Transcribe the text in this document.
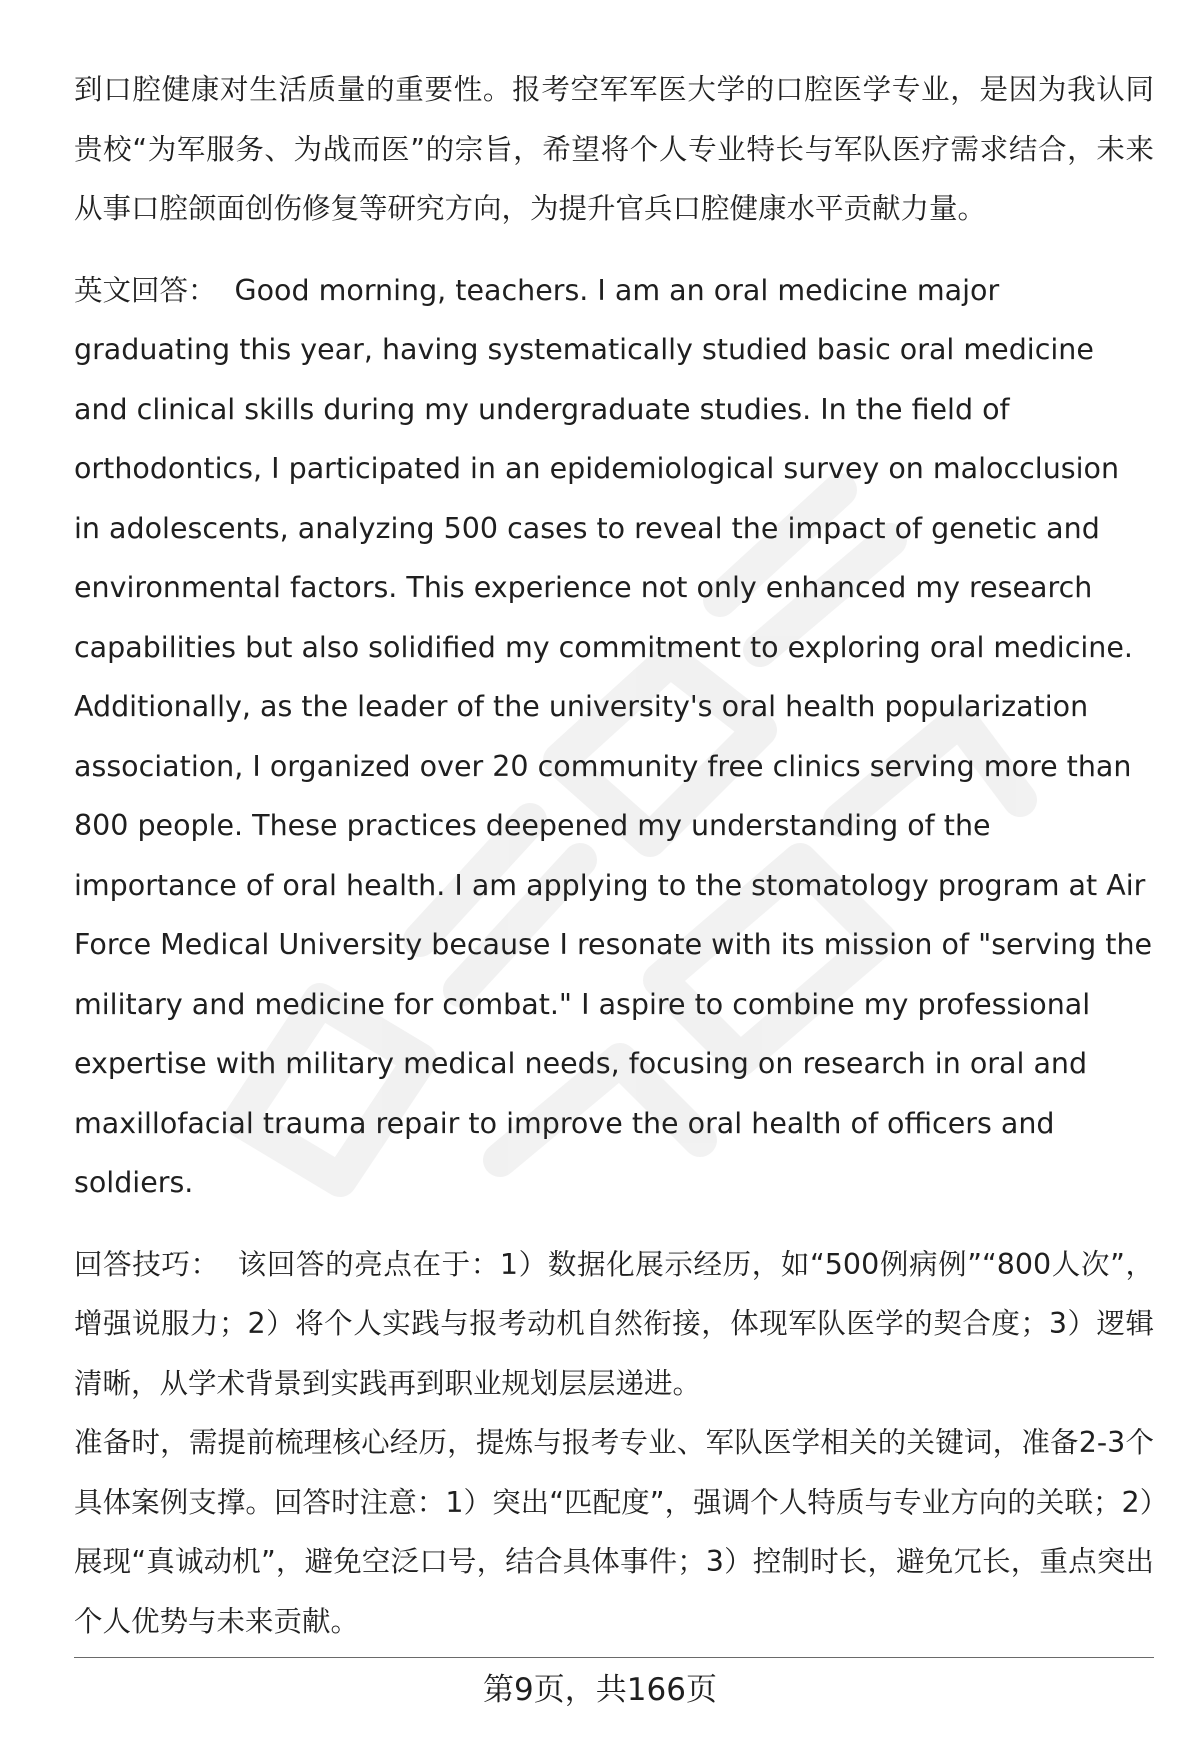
到口腔健康对生活质量的重要性。报考空军军医大学的口腔医学专业，是因为我认同贵校“为军服务、为战而医”的宗旨，希望将个人专业特长与军队医疗需求结合，未来从事口腔颌面创伤修复等研究方向，为提升官兵口腔健康水平贡献力量。

英文回答： Good morning, teachers. I am an oral medicine major graduating this year, having systematically studied basic oral medicine and clinical skills during my undergraduate studies. In the field of orthodontics, I participated in an epidemiological survey on malocclusion in adolescents, analyzing 500 cases to reveal the impact of genetic and environmental factors. This experience not only enhanced my research capabilities but also solidified my commitment to exploring oral medicine. Additionally, as the leader of the university's oral health popularization association, I organized over 20 community free clinics serving more than 800 people. These practices deepened my understanding of the importance of oral health. I am applying to the stomatology program at Air Force Medical University because I resonate with its mission of "serving the military and medicine for combat." I aspire to combine my professional expertise with military medical needs, focusing on research in oral and maxillofacial trauma repair to improve the oral health of officers and soldiers.

回答技巧： 该回答的亮点在于：1）数据化展示经历，如“500例病例”“800人次”，增强说服力；2）将个人实践与报考动机自然衔接，体现军队医学的契合度；3）逻辑清晰，从学术背景到实践再到职业规划层层递进。

准备时，需提前梳理核心经历，提炼与报考专业、军队医学相关的关键词，准备2-3个具体案例支撑。回答时注意：1）突出“匹配度”，强调个人特质与专业方向的关联；2）展现“真诚动机”，避免空泛口号，结合具体事件；3）控制时长，避免冗长，重点突出个人优势与未来贡献。

第9页，共166页
